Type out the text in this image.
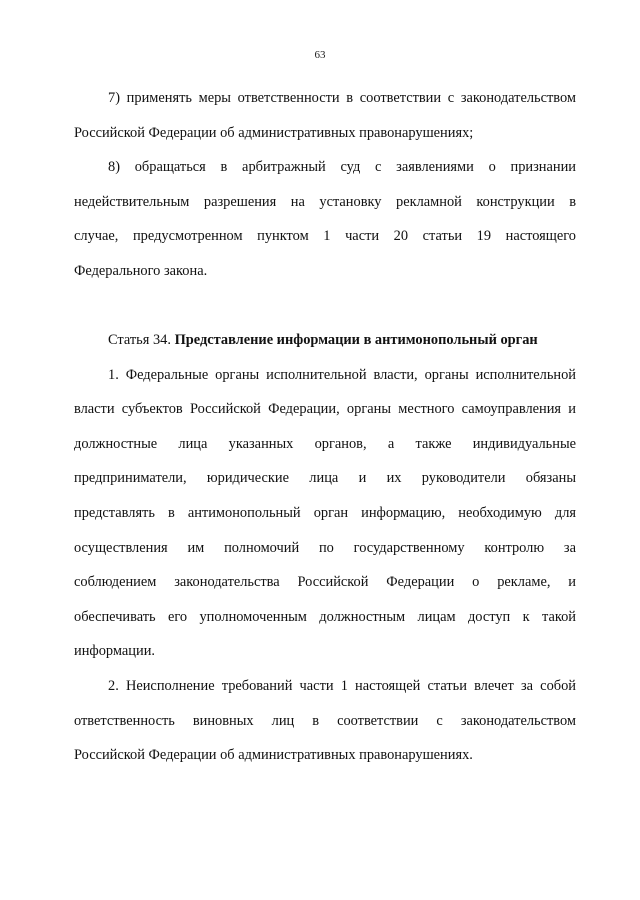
63
7) применять меры ответственности в соответствии с законодательством
Российской Федерации об административных правонарушениях;
8) обращаться в арбитражный суд с заявлениями о признании
недействительным разрешения на установку рекламной конструкции в
случае, предусмотренном пунктом 1 части 20 статьи 19 настоящего
Федерального закона.
Статья 34. Представление информации в антимонопольный орган
1. Федеральные органы исполнительной власти, органы исполнительной
власти субъектов Российской Федерации, органы местного самоуправления и
должностные лица указанных органов, а также индивидуальные
предприниматели, юридические лица и их руководители обязаны
представлять в антимонопольный орган информацию, необходимую для
осуществления им полномочий по государственному контролю за
соблюдением законодательства Российской Федерации о рекламе, и
обеспечивать его уполномоченным должностным лицам доступ к такой
информации.
2. Неисполнение требований части 1 настоящей статьи влечет за собой
ответственность виновных лиц в соответствии с законодательством
Российской Федерации об административных правонарушениях.
